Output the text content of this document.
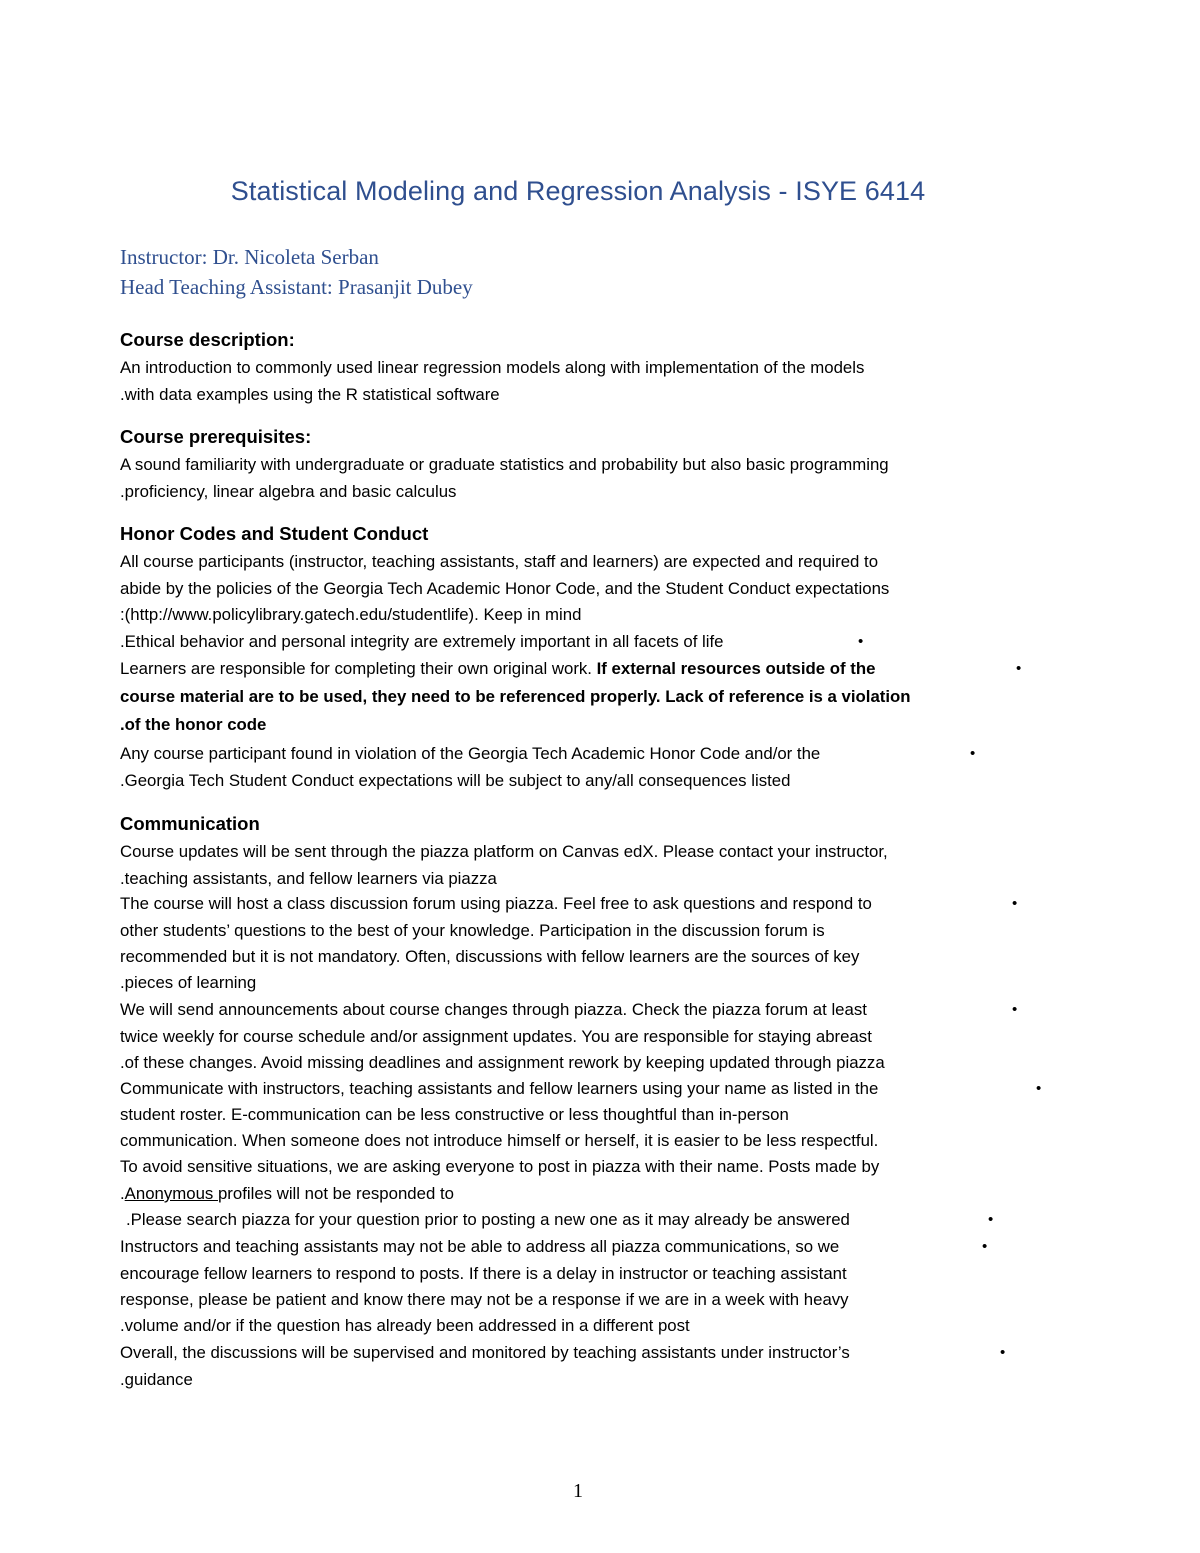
Statistical Modeling and Regression Analysis - ISYE 6414
Instructor: Dr. Nicoleta Serban
Head Teaching Assistant: Prasanjit Dubey
Course description:
An introduction to commonly used linear regression models along with implementation of the models
.with data examples using the R statistical software
Course prerequisites:
A sound familiarity with undergraduate or graduate statistics and probability but also basic programming
.proficiency, linear algebra and basic calculus
Honor Codes and Student Conduct
All course participants (instructor, teaching assistants, staff and learners) are expected and required to
abide by the policies of the Georgia Tech Academic Honor Code, and the Student Conduct expectations
:(http://www.policylibrary.gatech.edu/studentlife). Keep in mind
.Ethical behavior and personal integrity are extremely important in all facets of life	•
Learners are responsible for completing their own original work. If external resources outside of the	•
course material are to be used, they need to be referenced properly. Lack of reference is a violation
.of the honor code
Any course participant found in violation of the Georgia Tech Academic Honor Code and/or the	•
.Georgia Tech Student Conduct expectations will be subject to any/all consequences listed
Communication
Course updates will be sent through the piazza platform on Canvas edX. Please contact your instructor,
.teaching assistants, and fellow learners via piazza
The course will host a class discussion forum using piazza. Feel free to ask questions and respond to	•
other students’ questions to the best of your knowledge. Participation in the discussion forum is
recommended but it is not mandatory. Often, discussions with fellow learners are the sources of key
.pieces of learning
We will send announcements about course changes through piazza. Check the piazza forum at least	•
twice weekly for course schedule and/or assignment updates. You are responsible for staying abreast
.of these changes. Avoid missing deadlines and assignment rework by keeping updated through piazza
Communicate with instructors, teaching assistants and fellow learners using your name as listed in the	•
student roster. E-communication can be less constructive or less thoughtful than in-person
communication. When someone does not introduce himself or herself, it is easier to be less respectful.
To avoid sensitive situations, we are asking everyone to post in piazza with their name. Posts made by
.Anonymous profiles will not be responded to
.Please search piazza for your question prior to posting a new one as it may already be answered	•
Instructors and teaching assistants may not be able to address all piazza communications, so we	•
encourage fellow learners to respond to posts. If there is a delay in instructor or teaching assistant
response, please be patient and know there may not be a response if we are in a week with heavy
.volume and/or if the question has already been addressed in a different post
Overall, the discussions will be supervised and monitored by teaching assistants under instructor’s	•
.guidance
1
